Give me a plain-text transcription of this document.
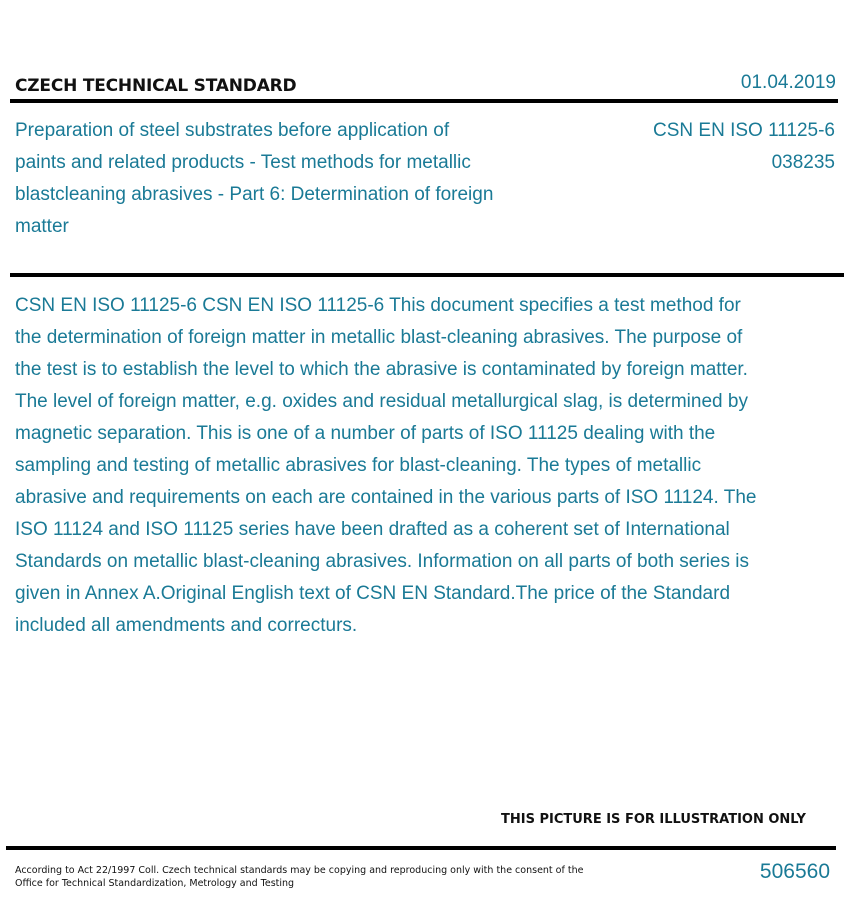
CZECH TECHNICAL STANDARD	01.04.2019
Preparation of steel substrates before application of paints and related products - Test methods for metallic blastcleaning abrasives - Part 6: Determination of foreign matter
CSN EN ISO 11125-6
038235
CSN EN ISO 11125-6 CSN EN ISO 11125-6 This document specifies a test method for the determination of foreign matter in metallic blast-cleaning abrasives. The purpose of the test is to establish the level to which the abrasive is contaminated by foreign matter. The level of foreign matter, e.g. oxides and residual metallurgical slag, is determined by magnetic separation. This is one of a number of parts of ISO 11125 dealing with the sampling and testing of metallic abrasives for blast-cleaning. The types of metallic abrasive and requirements on each are contained in the various parts of ISO 11124. The ISO 11124 and ISO 11125 series have been drafted as a coherent set of International Standards on metallic blast-cleaning abrasives. Information on all parts of both series is given in Annex A.Original English text of CSN EN Standard.The price of the Standard included all amendments and correcturs.
THIS PICTURE IS FOR ILLUSTRATION ONLY
According to Act 22/1997 Coll. Czech technical standards may be copying and reproducing only with the consent of the Office for Technical Standardization, Metrology and Testing
506560
